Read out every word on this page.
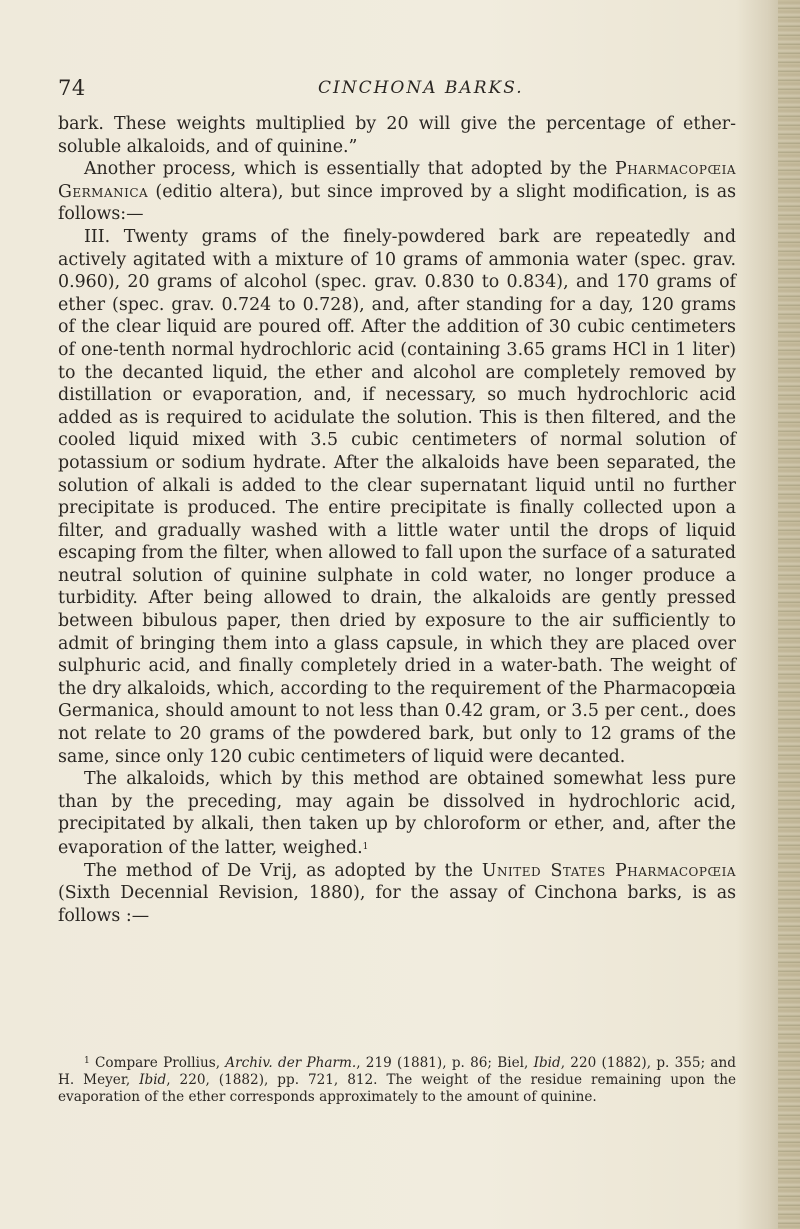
74	CINCHONA BARKS.

bark. These weights multiplied by 20 will give the percentage of ether-soluble alkaloids, and of quinine.”

Another process, which is essentially that adopted by the Pharmacopœia Germanica (editio altera), but since improved by a slight modification, is as follows:—

III. Twenty grams of the finely-powdered bark are repeatedly and actively agitated with a mixture of 10 grams of ammonia water (spec. grav. 0.960), 20 grams of alcohol (spec. grav. 0.830 to 0.834), and 170 grams of ether (spec. grav. 0.724 to 0.728), and, after standing for a day, 120 grams of the clear liquid are poured off. After the addition of 30 cubic centimeters of one-tenth normal hydrochloric acid (containing 3.65 grams HCl in 1 liter) to the decanted liquid, the ether and alcohol are completely removed by distillation or evaporation, and, if necessary, so much hydrochloric acid added as is required to acidulate the solution. This is then filtered, and the cooled liquid mixed with 3.5 cubic centimeters of normal solution of potassium or sodium hydrate. After the alkaloids have been separated, the solution of alkali is added to the clear supernatant liquid until no further precipitate is produced. The entire precipitate is finally collected upon a filter, and gradually washed with a little water until the drops of liquid escaping from the filter, when allowed to fall upon the surface of a saturated neutral solution of quinine sulphate in cold water, no longer produce a turbidity. After being allowed to drain, the alkaloids are gently pressed between bibulous paper, then dried by exposure to the air sufficiently to admit of bringing them into a glass capsule, in which they are placed over sulphuric acid, and finally completely dried in a water-bath. The weight of the dry alkaloids, which, according to the requirement of the Pharmacopœia Germanica, should amount to not less than 0.42 gram, or 3.5 per cent., does not relate to 20 grams of the powdered bark, but only to 12 grams of the same, since only 120 cubic centimeters of liquid were decanted.

The alkaloids, which by this method are obtained somewhat less pure than by the preceding, may again be dissolved in hydrochloric acid, precipitated by alkali, then taken up by chloroform or ether, and, after the evaporation of the latter, weighed.$^1$

The method of De Vrij, as adopted by the United States Pharmacopœia (Sixth Decennial Revision, 1880), for the assay of Cinchona barks, is as follows :—

$^1$ Compare Prollius, Archiv. der Pharm., 219 (1881), p. 86; Biel, Ibid, 220 (1882), p. 355; and H. Meyer, Ibid, 220, (1882), pp. 721, 812. The weight of the residue remaining upon the evaporation of the ether corresponds approximately to the amount of quinine.
